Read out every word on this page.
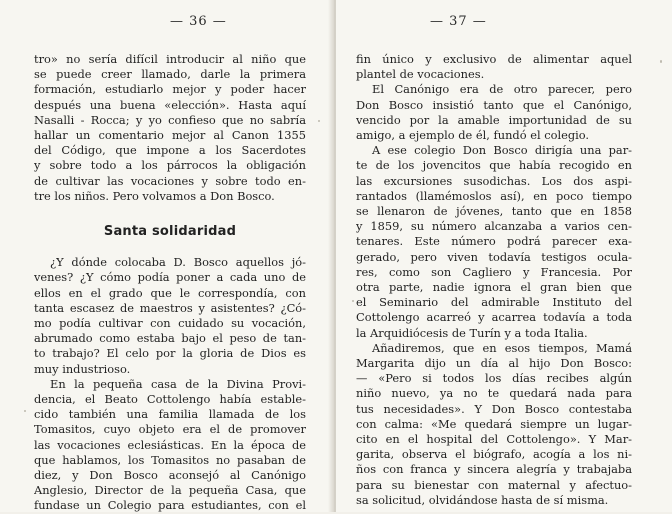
— 36 —
tro» no sería difícil introducir al niño que
se puede creer llamado, darle la primera
formación, estudiarlo mejor y poder hacer
después una buena «elección». Hasta aquí
Nasalli - Rocca; y yo confieso que no sabría
hallar un comentario mejor al Canon 1355
del Código, que impone a los Sacerdotes
y sobre todo a los párrocos la obligación
de cultivar las vocaciones y sobre todo en-
tre los niños. Pero volvamos a Don Bosco.
Santa solidaridad
¿Y dónde colocaba D. Bosco aquellos jó-
venes? ¿Y cómo podía poner a cada uno de
ellos en el grado que le correspondía, con
tanta escasez de maestros y asistentes? ¿Có-
mo podía cultivar con cuidado su vocación,
abrumado como estaba bajo el peso de tan-
to trabajo? El celo por la gloria de Dios es
muy industrioso.
En la pequeña casa de la Divina Provi-
dencia, el Beato Cottolengo había estable-
cido también una familia llamada de los
Tomasitos, cuyo objeto era el de promover
las vocaciones eclesiásticas. En la época de
que hablamos, los Tomasitos no pasaban de
diez, y Don Bosco aconsejó al Canónigo
Anglesio, Director de la pequeña Casa, que
fundase un Colegio para estudiantes, con el
— 37 —
fin único y exclusivo de alimentar aquel
plantel de vocaciones.
El Canónigo era de otro parecer, pero
Don Bosco insistió tanto que el Canónigo,
vencido por la amable importunidad de su
amigo, a ejemplo de él, fundó el colegio.
A ese colegio Don Bosco dirigía una par-
te de los jovencitos que había recogido en
las excursiones susodichas. Los dos aspi-
rantados (llamémoslos así), en poco tiempo
se llenaron de jóvenes, tanto que en 1858
y 1859, su número alcanzaba a varios cen-
tenares. Este número podrá parecer exa-
gerado, pero viven todavía testigos ocula-
res, como son Cagliero y Francesia. Por
otra parte, nadie ignora el gran bien que
el Seminario del admirable Instituto del
Cottolengo acarreó y acarrea todavía a toda
la Arquidiócesis de Turín y a toda Italia.
Añadiremos, que en esos tiempos, Mamá
Margarita dijo un día al hijo Don Bosco:
— «Pero si todos los días recibes algún
niño nuevo, ya no te quedará nada para
tus necesidades». Y Don Bosco contestaba
con calma: «Me quedará siempre un lugar-
cito en el hospital del Cottolengo». Y Mar-
garita, observa el biógrafo, acogía a los ni-
ños con franca y sincera alegría y trabajaba
para su bienestar con maternal y afectuo-
sa solicitud, olvidándose hasta de sí misma.
